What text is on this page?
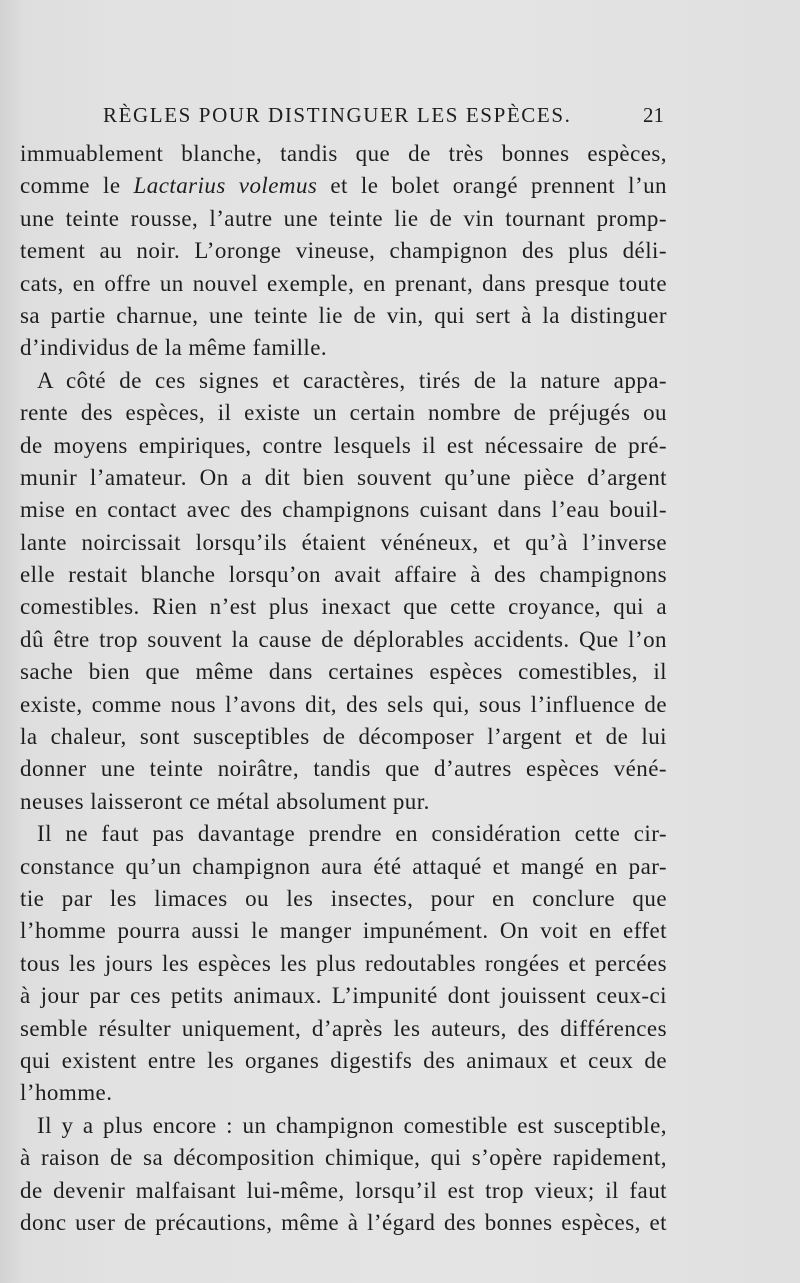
RÈGLES POUR DISTINGUER LES ESPÈCES.	21
immuablement blanche, tandis que de très bonnes espèces,
comme le Lactarius volemus et le bolet orangé prennent l’un
une teinte rousse, l’autre une teinte lie de vin tournant promp-
tement au noir. L’oronge vineuse, champignon des plus déli-
cats, en offre un nouvel exemple, en prenant, dans presque toute
sa partie charnue, une teinte lie de vin, qui sert à la distinguer
d’individus de la même famille.
A côté de ces signes et caractères, tirés de la nature appa-
rente des espèces, il existe un certain nombre de préjugés ou
de moyens empiriques, contre lesquels il est nécessaire de pré-
munir l’amateur. On a dit bien souvent qu’une pièce d’argent
mise en contact avec des champignons cuisant dans l’eau bouil-
lante noircissait lorsqu’ils étaient vénéneux, et qu’à l’inverse
elle restait blanche lorsqu’on avait affaire à des champignons
comestibles. Rien n’est plus inexact que cette croyance, qui a
dû être trop souvent la cause de déplorables accidents. Que l’on
sache bien que même dans certaines espèces comestibles, il
existe, comme nous l’avons dit, des sels qui, sous l’influence de
la chaleur, sont susceptibles de décomposer l’argent et de lui
donner une teinte noirâtre, tandis que d’autres espèces véné-
neuses laisseront ce métal absolument pur.
Il ne faut pas davantage prendre en considération cette cir-
constance qu’un champignon aura été attaqué et mangé en par-
tie par les limaces ou les insectes, pour en conclure que
l’homme pourra aussi le manger impunément. On voit en effet
tous les jours les espèces les plus redoutables rongées et percées
à jour par ces petits animaux. L’impunité dont jouissent ceux-ci
semble résulter uniquement, d’après les auteurs, des différences
qui existent entre les organes digestifs des animaux et ceux de
l’homme.
Il y a plus encore : un champignon comestible est susceptible,
à raison de sa décomposition chimique, qui s’opère rapidement,
de devenir malfaisant lui-même, lorsqu’il est trop vieux; il faut
donc user de précautions, même à l’égard des bonnes espèces, et
